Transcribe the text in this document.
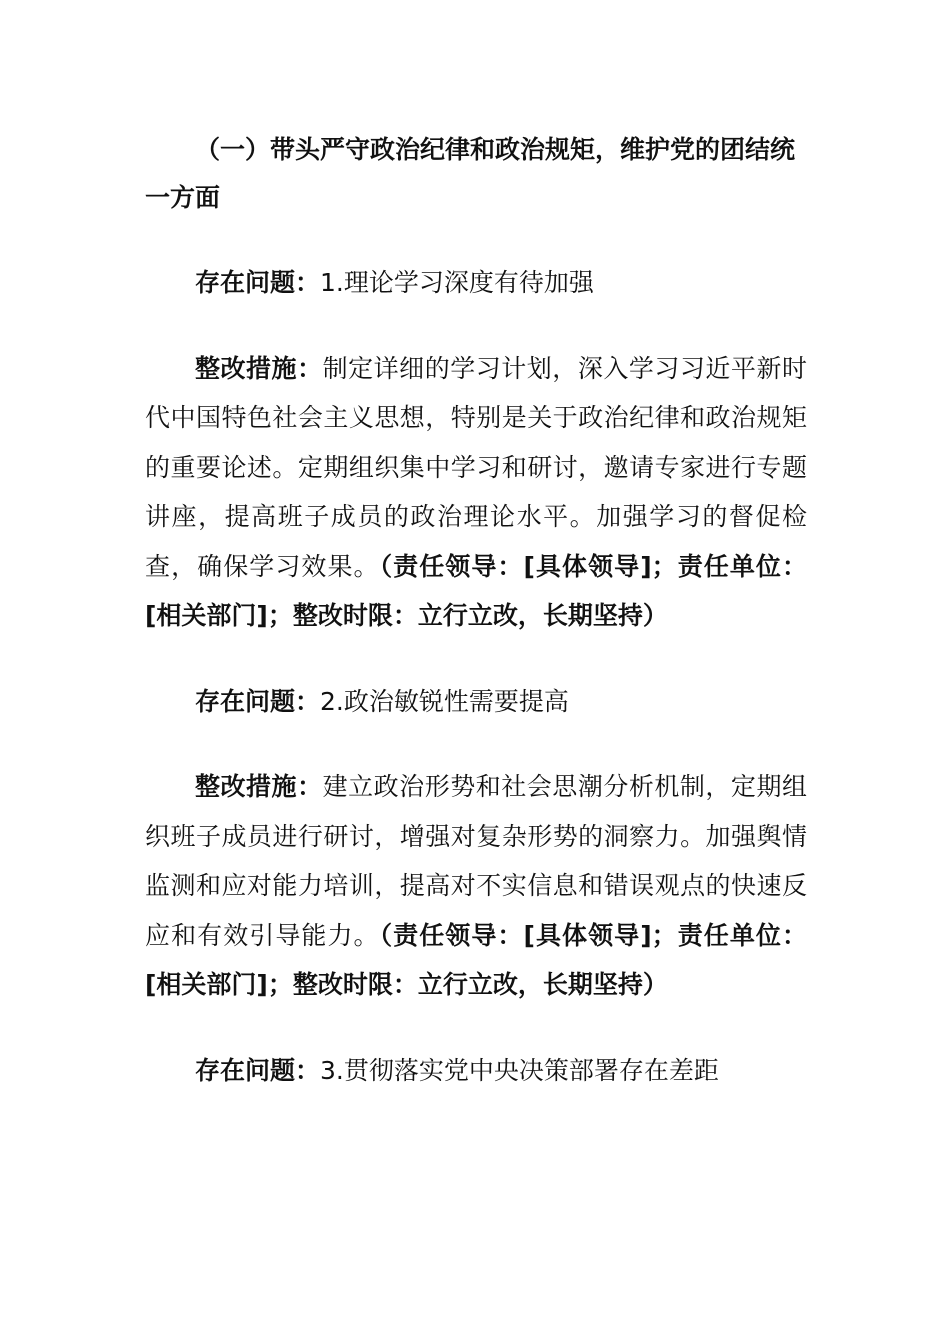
（一）带头严守政治纪律和政治规矩，维护党的团结统一方面

存在问题：1.理论学习深度有待加强

整改措施：制定详细的学习计划，深入学习习近平新时代中国特色社会主义思想，特别是关于政治纪律和政治规矩的重要论述。定期组织集中学习和研讨，邀请专家进行专题讲座，提高班子成员的政治理论水平。加强学习的督促检查，确保学习效果。（责任领导：[具体领导]；责任单位：[相关部门]；整改时限：立行立改，长期坚持）

存在问题：2.政治敏锐性需要提高

整改措施：建立政治形势和社会思潮分析机制，定期组织班子成员进行研讨，增强对复杂形势的洞察力。加强舆情监测和应对能力培训，提高对不实信息和错误观点的快速反应和有效引导能力。（责任领导：[具体领导]；责任单位：[相关部门]；整改时限：立行立改，长期坚持）

存在问题：3.贯彻落实党中央决策部署存在差距
